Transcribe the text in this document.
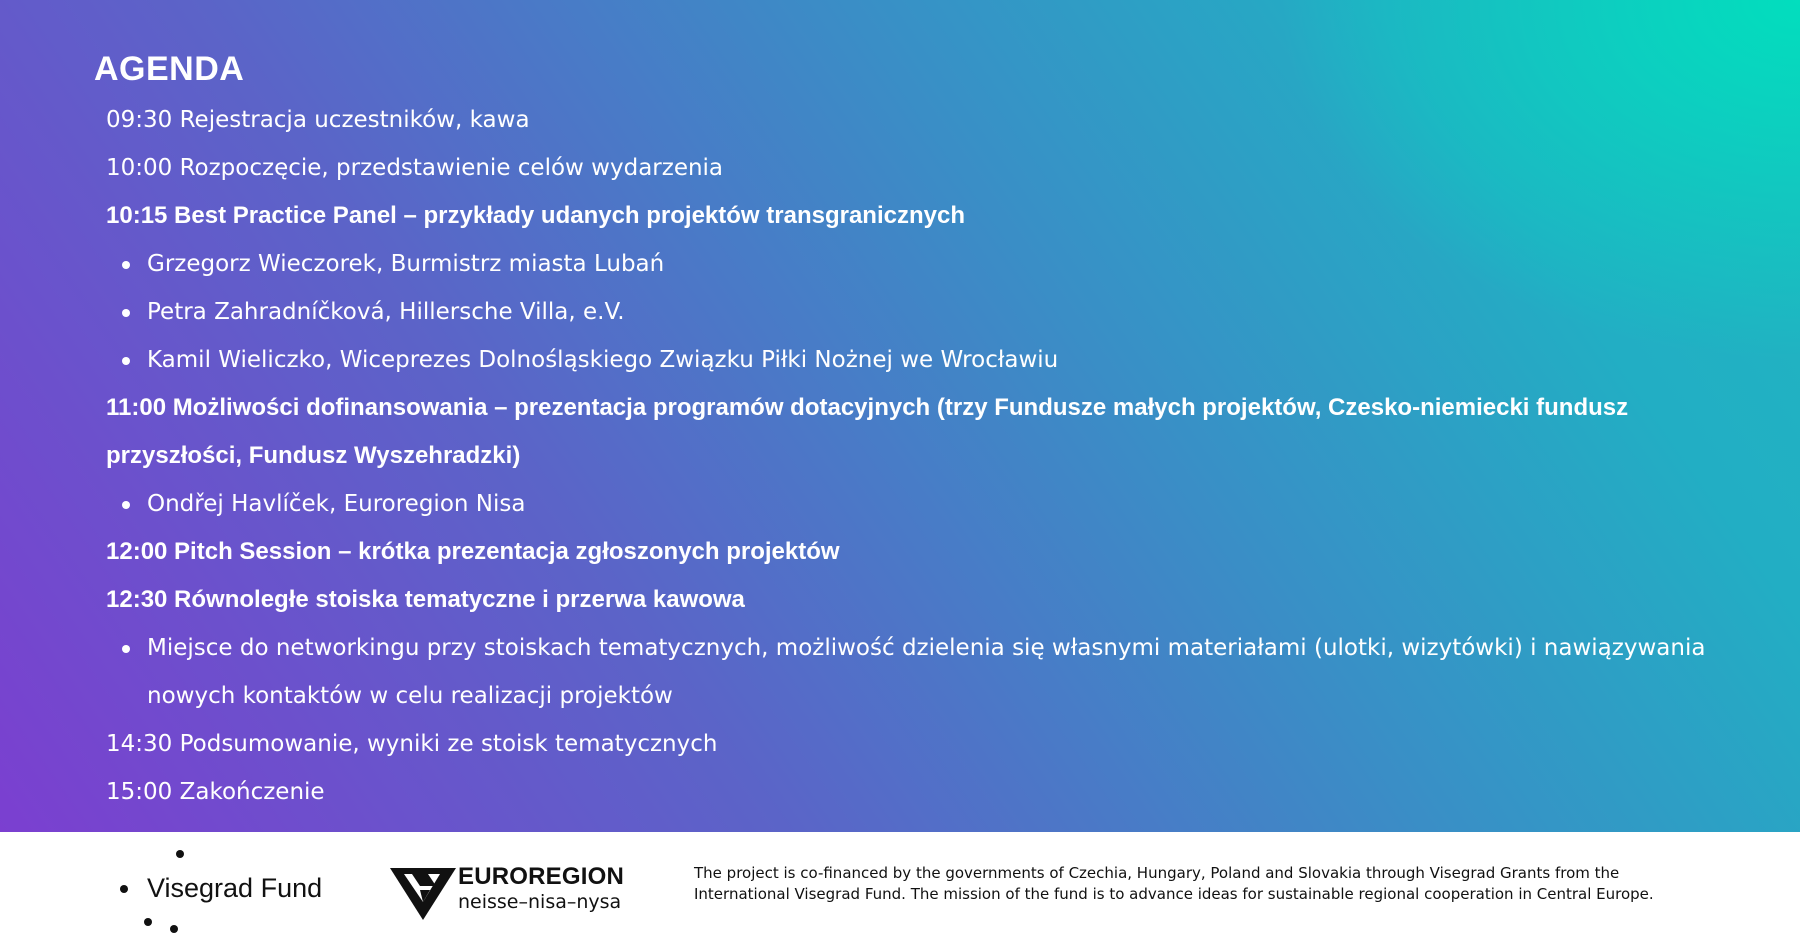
AGENDA
09:30 Rejestracja uczestników, kawa
10:00 Rozpoczęcie, przedstawienie celów wydarzenia
10:15 Best Practice Panel – przykłady udanych projektów transgranicznych
Grzegorz Wieczorek, Burmistrz miasta Lubań
Petra Zahradníčková, Hillersche Villa, e.V.
Kamil Wieliczko, Wiceprezes Dolnośląskiego Związku Piłki Nożnej we Wrocławiu
11:00 Możliwości dofinansowania – prezentacja programów dotacyjnych (trzy Fundusze małych projektów, Czesko-niemiecki fundusz przyszłości, Fundusz Wyszehradzki)
Ondřej Havlíček, Euroregion Nisa
12:00 Pitch Session – krótka prezentacja zgłoszonych projektów
12:30 Równoległe stoiska tematyczne i przerwa kawowa
Miejsce do networkingu przy stoiskach tematycznych, możliwość dzielenia się własnymi materiałami (ulotki, wizytówki) i nawiązywania nowych kontaktów w celu realizacji projektów
14:30 Podsumowanie, wyniki ze stoisk tematycznych
15:00 Zakończenie
Visegrad Fund	EUROREGION
neisse–nisa–nysa
The project is co-financed by the governments of Czechia, Hungary, Poland and Slovakia through Visegrad Grants from the International Visegrad Fund. The mission of the fund is to advance ideas for sustainable regional cooperation in Central Europe.
